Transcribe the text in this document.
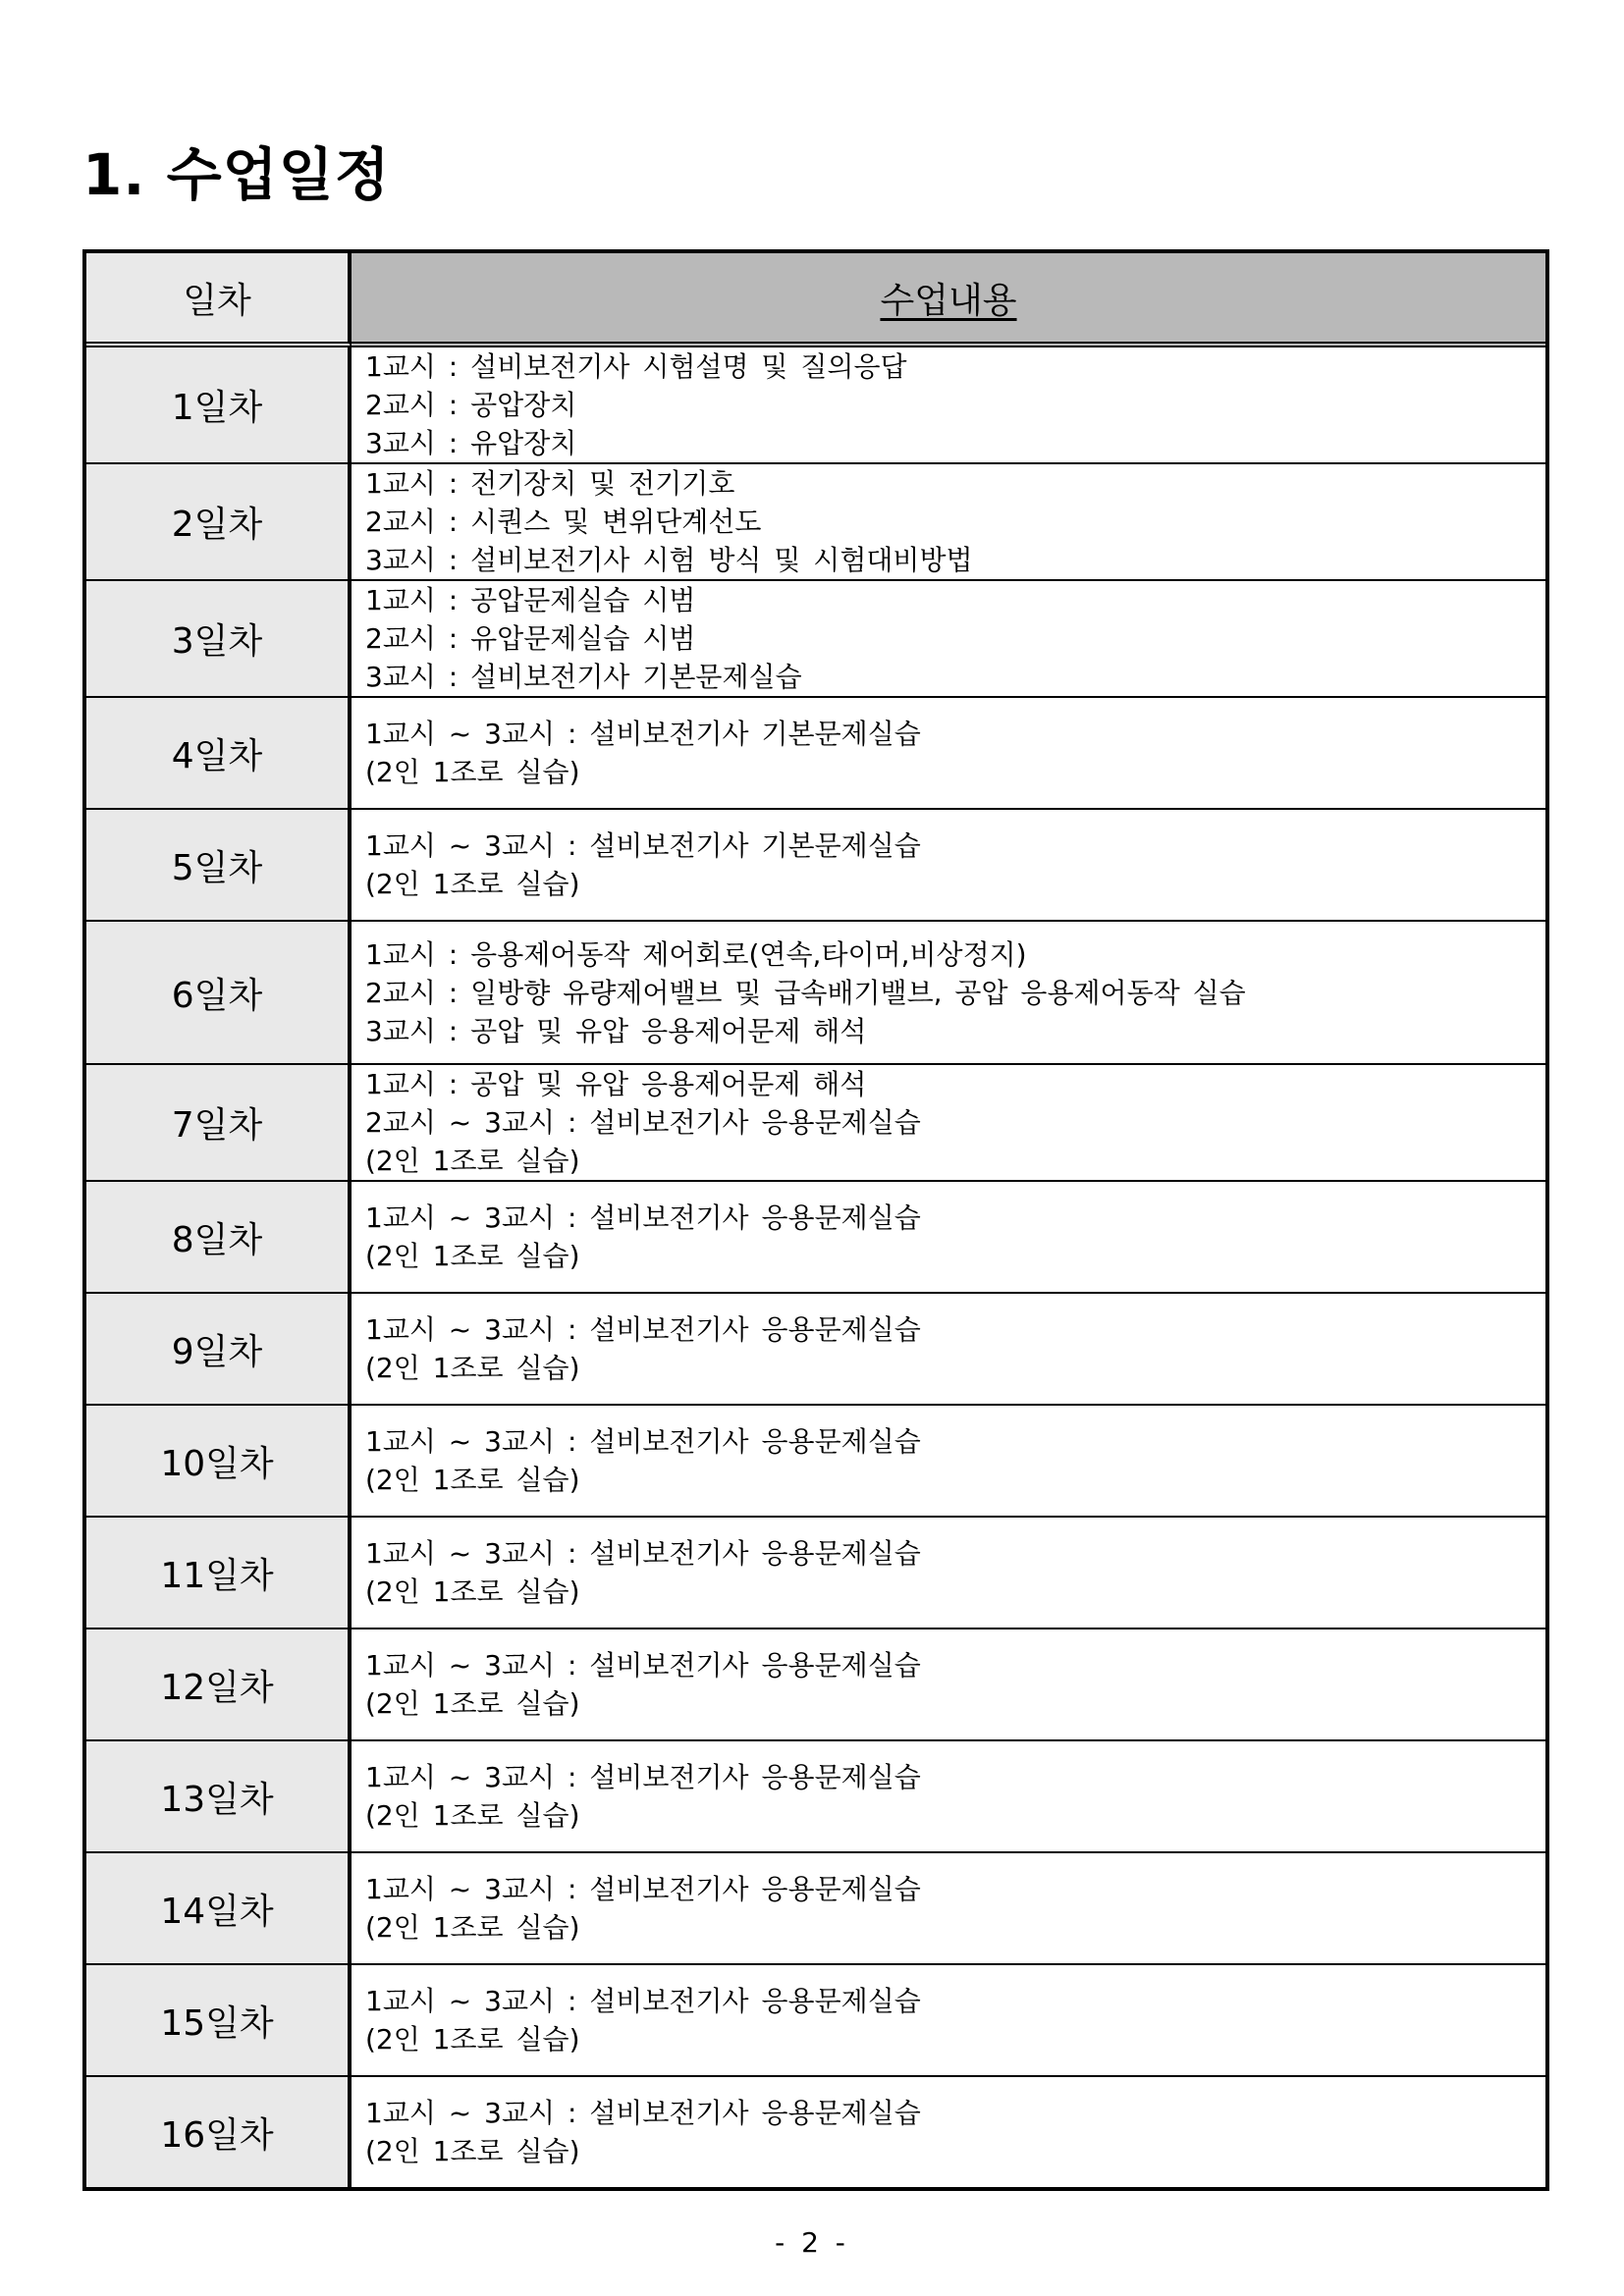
1. 수업일정
일차	수업내용
1일차	1교시 : 설비보전기사 시험설명 및 질의응답
2교시 : 공압장치
3교시 : 유압장치

2일차	1교시 : 전기장치 및 전기기호
2교시 : 시퀀스 및 변위단계선도
3교시 : 설비보전기사 시험 방식 및 시험대비방법

3일차	1교시 : 공압문제실습 시범
2교시 : 유압문제실습 시범
3교시 : 설비보전기사 기본문제실습

4일차	1교시 ~ 3교시 : 설비보전기사 기본문제실습
(2인 1조로 실습)

5일차	1교시 ~ 3교시 : 설비보전기사 기본문제실습
(2인 1조로 실습)

6일차	1교시 : 응용제어동작 제어회로(연속,타이머,비상정지)
2교시 : 일방향 유량제어밸브 및 급속배기밸브, 공압 응용제어동작 실습
3교시 : 공압 및 유압 응용제어문제 해석

7일차	1교시 : 공압 및 유압 응용제어문제 해석
2교시 ~ 3교시 : 설비보전기사 응용문제실습
(2인 1조로 실습)

8일차	1교시 ~ 3교시 : 설비보전기사 응용문제실습
(2인 1조로 실습)

9일차	1교시 ~ 3교시 : 설비보전기사 응용문제실습
(2인 1조로 실습)

10일차	1교시 ~ 3교시 : 설비보전기사 응용문제실습
(2인 1조로 실습)

11일차	1교시 ~ 3교시 : 설비보전기사 응용문제실습
(2인 1조로 실습)

12일차	1교시 ~ 3교시 : 설비보전기사 응용문제실습
(2인 1조로 실습)

13일차	1교시 ~ 3교시 : 설비보전기사 응용문제실습
(2인 1조로 실습)

14일차	1교시 ~ 3교시 : 설비보전기사 응용문제실습
(2인 1조로 실습)

15일차	1교시 ~ 3교시 : 설비보전기사 응용문제실습
(2인 1조로 실습)

16일차	1교시 ~ 3교시 : 설비보전기사 응용문제실습
(2인 1조로 실습)
- 2 -
